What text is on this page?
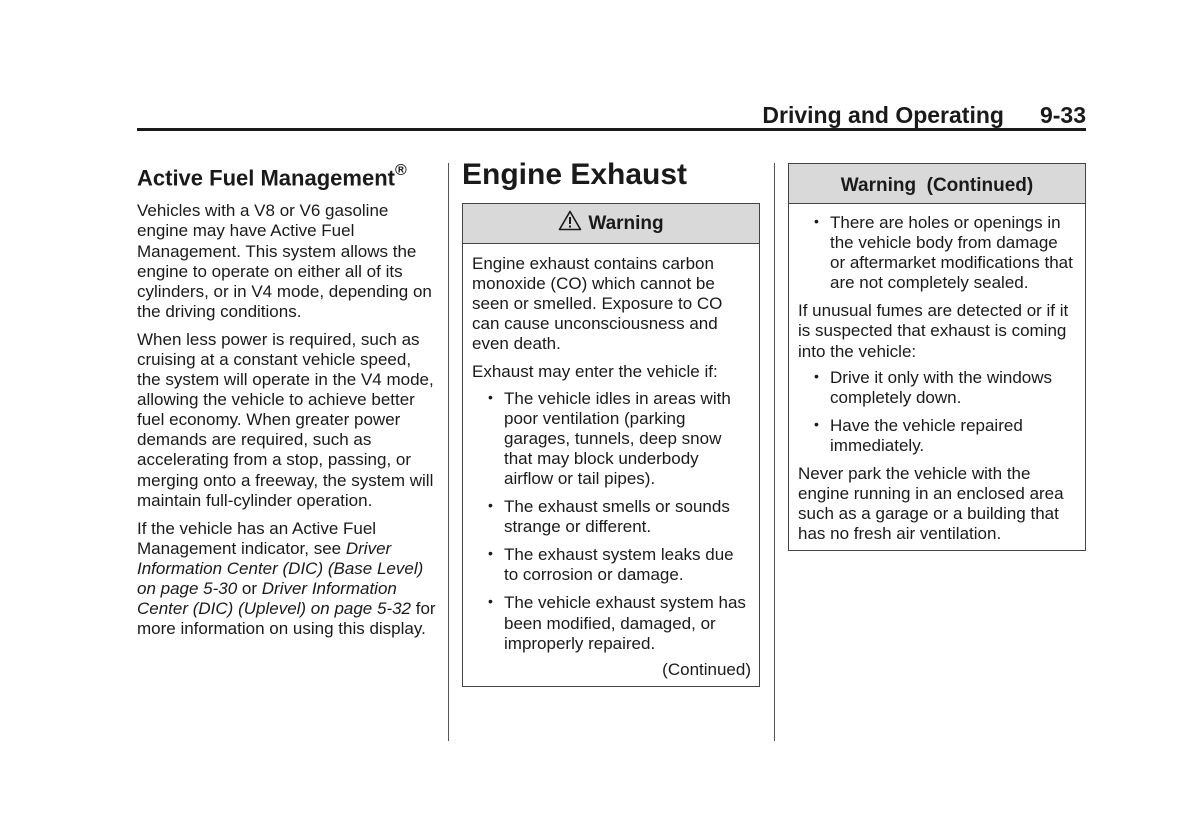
Driving and Operating 9-33
Active Fuel Management®

Vehicles with a V8 or V6 gasoline engine may have Active Fuel Management. This system allows the engine to operate on either all of its cylinders, or in V4 mode, depending on the driving conditions.

When less power is required, such as cruising at a constant vehicle speed, the system will operate in the V4 mode, allowing the vehicle to achieve better fuel economy. When greater power demands are required, such as accelerating from a stop, passing, or merging onto a freeway, the system will maintain full-cylinder operation.

If the vehicle has an Active Fuel Management indicator, see Driver Information Center (DIC) (Base Level) on page 5-30 or Driver Information Center (DIC) (Uplevel) on page 5-32 for more information on using this display.

Engine Exhaust
Warning

Engine exhaust contains carbon monoxide (CO) which cannot be seen or smelled. Exposure to CO can cause unconsciousness and even death.

Exhaust may enter the vehicle if:

• The vehicle idles in areas with poor ventilation (parking garages, tunnels, deep snow that may block underbody airflow or tail pipes).
• The exhaust smells or sounds strange or different.
• The exhaust system leaks due to corrosion or damage.
• The vehicle exhaust system has been modified, damaged, or improperly repaired.
(Continued)
Warning  (Continued)
• There are holes or openings in the vehicle body from damage or aftermarket modifications that are not completely sealed.

If unusual fumes are detected or if it is suspected that exhaust is coming into the vehicle:

• Drive it only with the windows completely down.
• Have the vehicle repaired immediately.

Never park the vehicle with the engine running in an enclosed area such as a garage or a building that has no fresh air ventilation.
